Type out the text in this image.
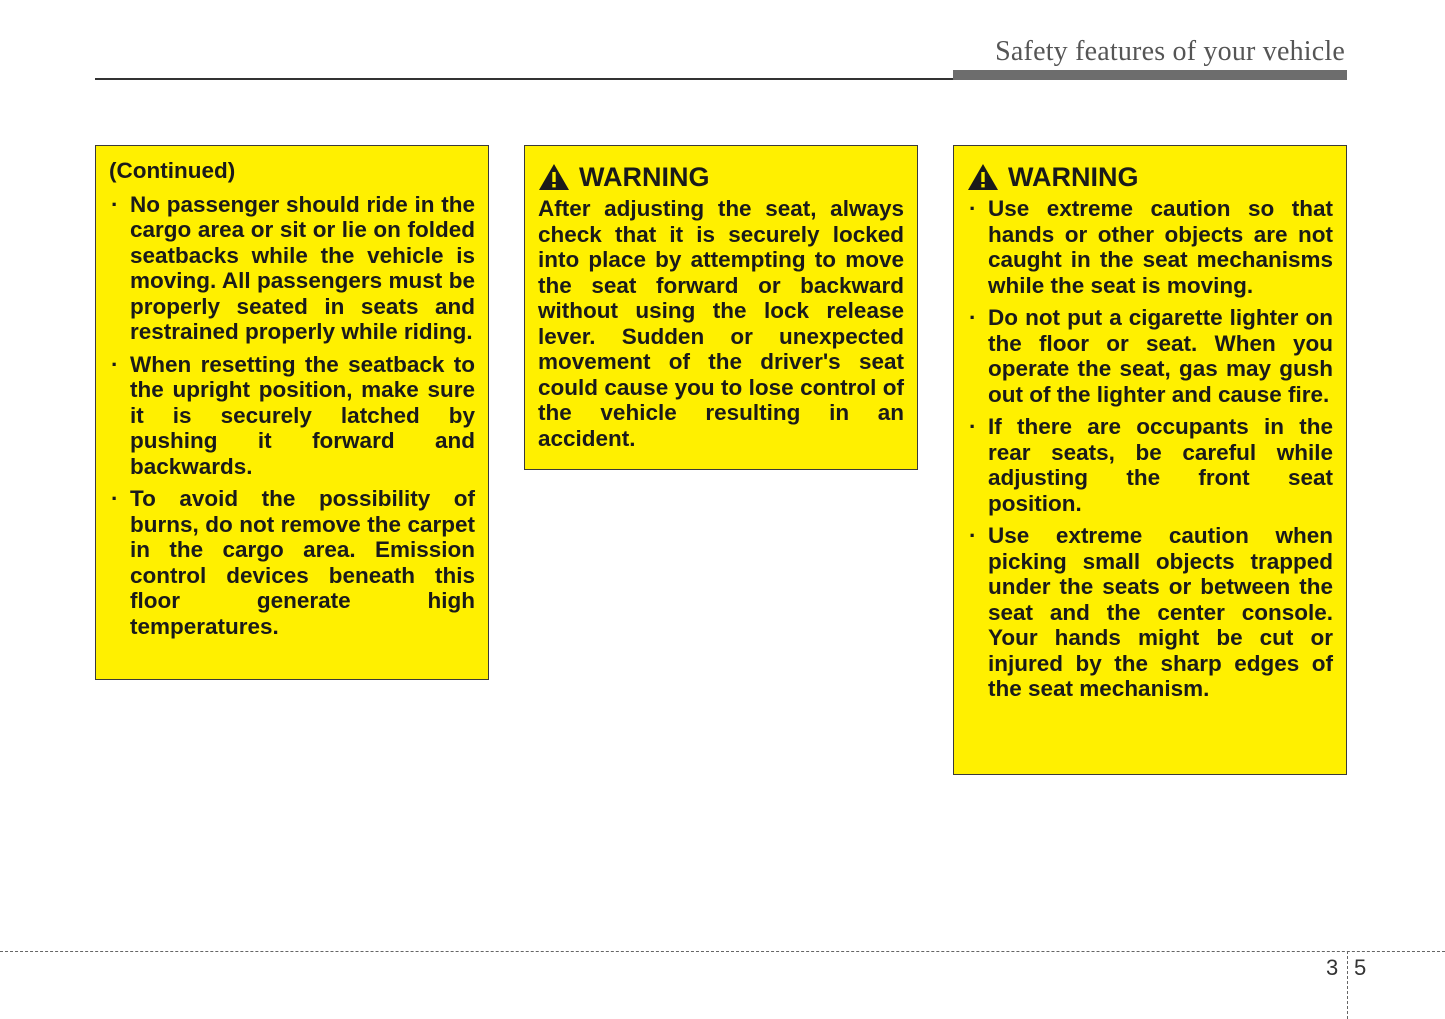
Safety features of your vehicle
(Continued)
· No passenger should ride in the cargo area or sit or lie on folded seatbacks while the vehicle is moving. All passengers must be properly seated in seats and restrained properly while riding.
· When resetting the seatback to the upright position, make sure it is securely latched by pushing it forward and backwards.
· To avoid the possibility of burns, do not remove the carpet in the cargo area. Emission control devices beneath this floor generate high temperatures.
WARNING
After adjusting the seat, always check that it is securely locked into place by attempting to move the seat forward or backward without using the lock release lever. Sudden or unexpected movement of the driver's seat could cause you to lose control of the vehicle resulting in an accident.
WARNING
· Use extreme caution so that hands or other objects are not caught in the seat mechanisms while the seat is moving.
· Do not put a cigarette lighter on the floor or seat. When you operate the seat, gas may gush out of the lighter and cause fire.
· If there are occupants in the rear seats, be careful while adjusting the front seat position.
· Use extreme caution when picking small objects trapped under the seats or between the seat and the center console. Your hands might be cut or injured by the sharp edges of the seat mechanism.
3 5
